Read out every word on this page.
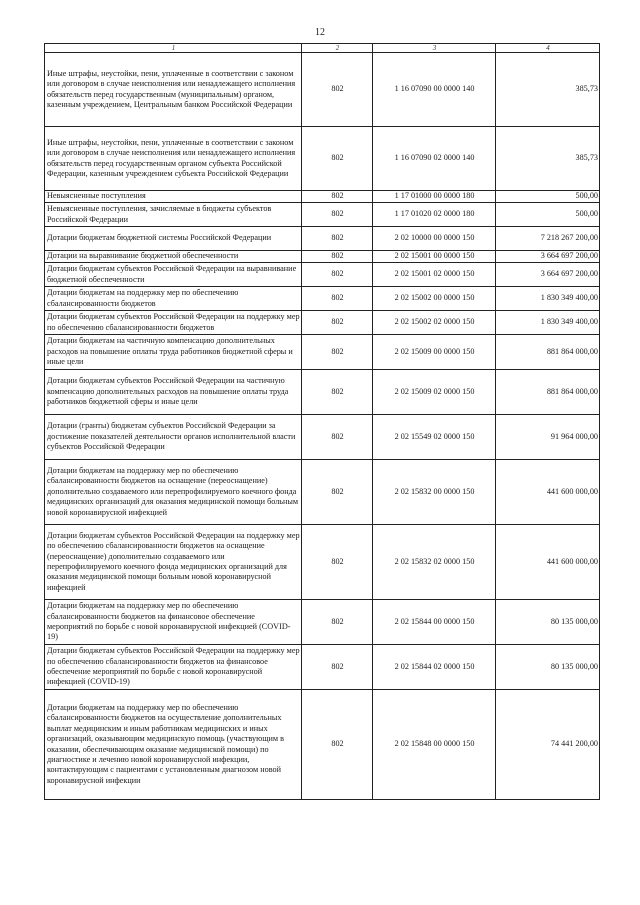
12
1	2	3	4
Иные штрафы, неустойки, пени, уплаченные в соответствии с законом или договором в случае неисполнения или ненадлежащего исполнения обязательств перед государственным (муниципальным) органом, казенным учреждением, Центральным банком Российской Федерации	802	1 16 07090 00 0000 140	385,73
Иные штрафы, неустойки, пени, уплаченные в соответствии с законом или договором в случае неисполнения или ненадлежащего исполнения обязательств перед государственным органом субъекта Российской Федерации, казенным учреждением субъекта Российской Федерации	802	1 16 07090 02 0000 140	385,73
Невыясненные поступления	802	1 17 01000 00 0000 180	500,00
Невыясненные поступления, зачисляемые в бюджеты субъектов Российской Федерации	802	1 17 01020 02 0000 180	500,00
Дотации бюджетам бюджетной системы Российской Федерации	802	2 02 10000 00 0000 150	7 218 267 200,00
Дотации на выравнивание бюджетной обеспеченности	802	2 02 15001 00 0000 150	3 664 697 200,00
Дотации бюджетам субъектов Российской Федерации на выравнивание бюджетной обеспеченности	802	2 02 15001 02 0000 150	3 664 697 200,00
Дотации бюджетам на поддержку мер по обеспечению сбалансированности бюджетов	802	2 02 15002 00 0000 150	1 830 349 400,00
Дотации бюджетам субъектов Российской Федерации на поддержку мер по обеспечению сбалансированности бюджетов	802	2 02 15002 02 0000 150	1 830 349 400,00
Дотации бюджетам на частичную компенсацию дополнительных расходов на повышение оплаты труда работников бюджетной сферы и иные цели	802	2 02 15009 00 0000 150	881 864 000,00
Дотации бюджетам субъектов Российской Федерации на частичную компенсацию дополнительных расходов на повышение оплаты труда работников бюджетной сферы и иные цели	802	2 02 15009 02 0000 150	881 864 000,00
Дотации (гранты) бюджетам субъектов Российской Федерации за достижение показателей деятельности органов исполнительной власти субъектов Российской Федерации	802	2 02 15549 02 0000 150	91 964 000,00
Дотации бюджетам на поддержку мер по обеспечению сбалансированности бюджетов на оснащение (переоснащение) дополнительно создаваемого или перепрофилируемого коечного фонда медицинских организаций для оказания медицинской помощи больным новой коронавирусной инфекцией	802	2 02 15832 00 0000 150	441 600 000,00
Дотации бюджетам субъектов Российской Федерации на поддержку мер по обеспечению сбалансированности бюджетов на оснащение (переоснащение) дополнительно создаваемого или перепрофилируемого коечного фонда медицинских организаций для оказания медицинской помощи больным новой коронавирусной инфекцией	802	2 02 15832 02 0000 150	441 600 000,00
Дотации бюджетам на поддержку мер по обеспечению сбалансированности бюджетов на финансовое обеспечение мероприятий по борьбе с новой коронавирусной инфекцией (COVID-19)	802	2 02 15844 00 0000 150	80 135 000,00
Дотации бюджетам субъектов Российской Федерации на поддержку мер по обеспечению сбалансированности бюджетов на финансовое обеспечение мероприятий по борьбе с новой коронавирусной инфекцией (COVID-19)	802	2 02 15844 02 0000 150	80 135 000,00
Дотации бюджетам на поддержку мер по обеспечению сбалансированности бюджетов на осуществление дополнительных выплат медицинским и иным работникам медицинских и иных организаций, оказывающим медицинскую помощь (участвующим в оказании, обеспечивающим оказание медицинской помощи) по диагностике и лечению новой коронавирусной инфекции, контактирующим с пациентами с установленным диагнозом новой коронавирусной инфекции	802	2 02 15848 00 0000 150	74 441 200,00
